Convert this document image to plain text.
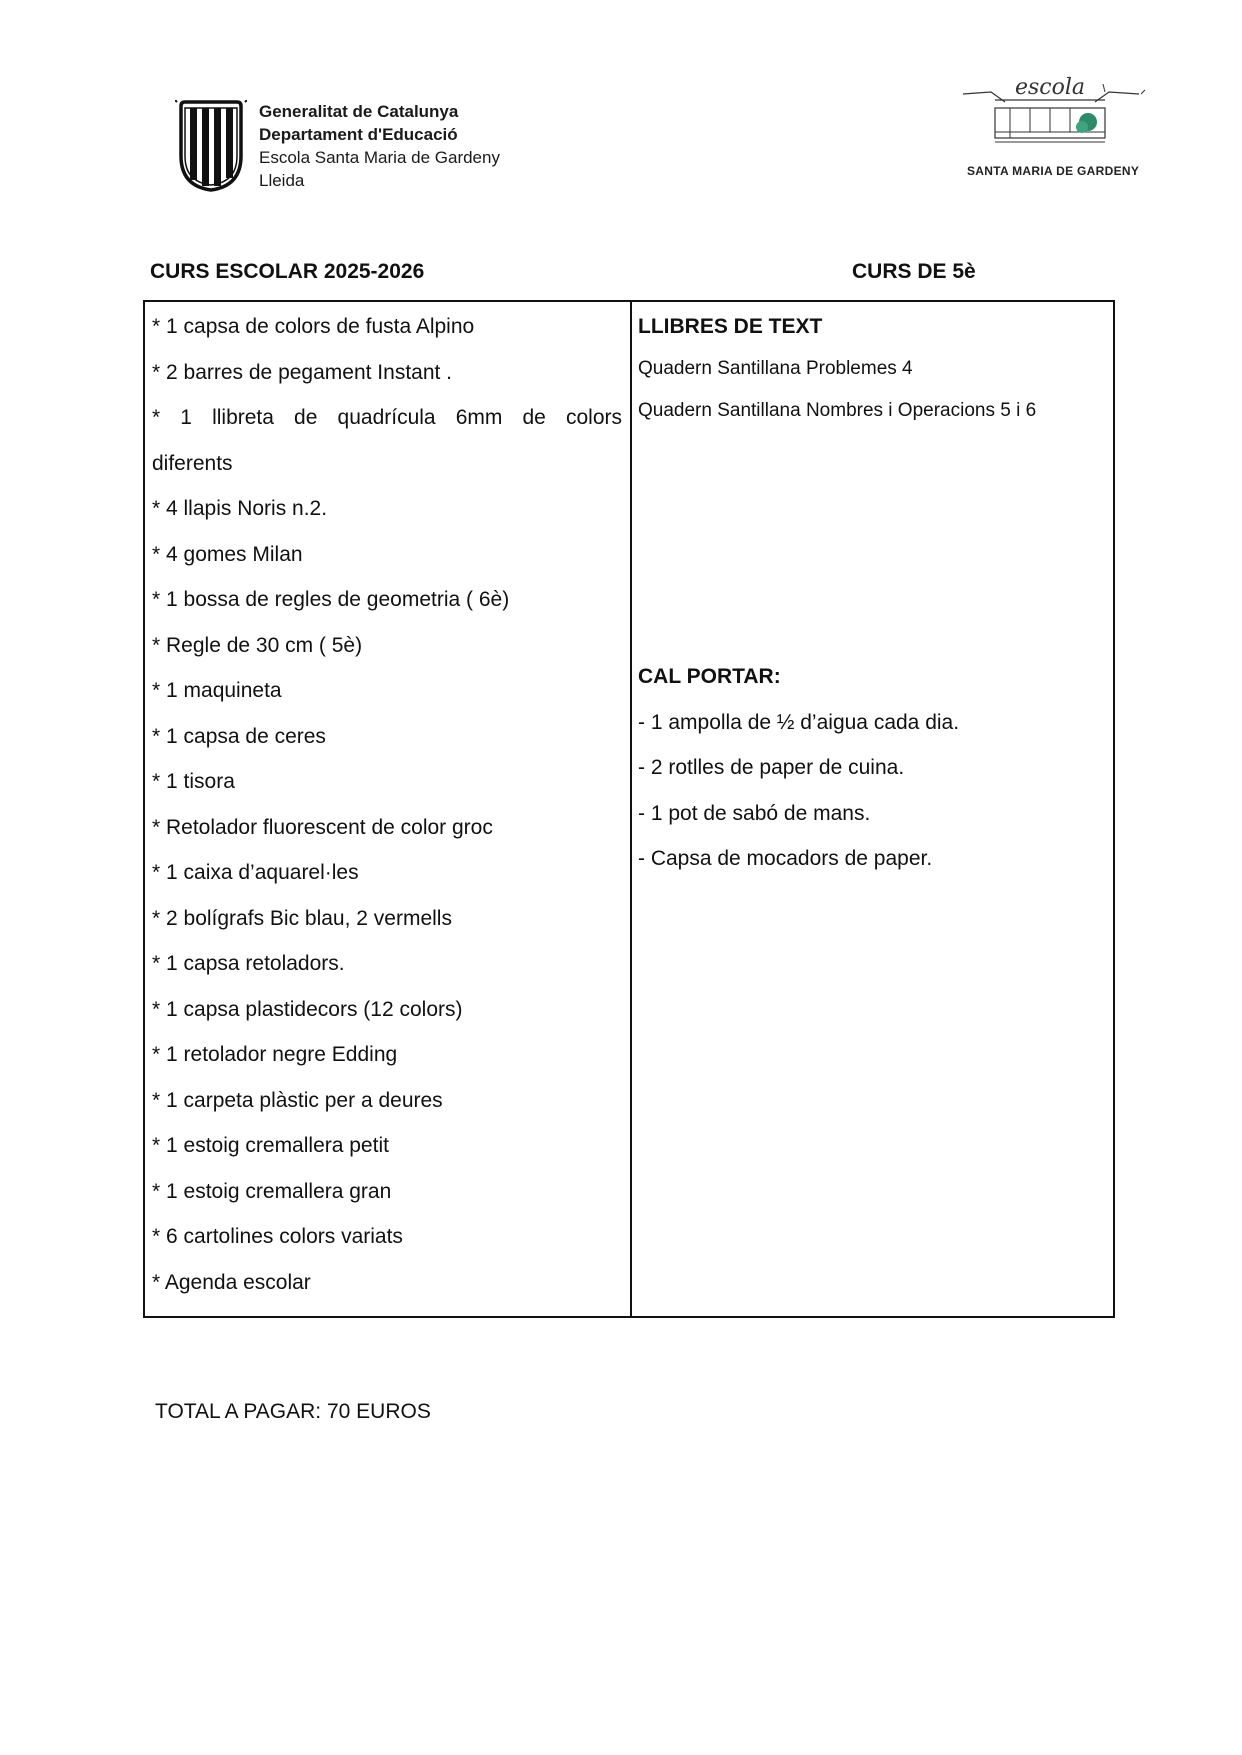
Generalitat de Catalunya
Departament d'Educació
Escola Santa Maria de Gardeny
Lleida
escola
SANTA MARIA DE GARDENY
CURS ESCOLAR 2025-2026	CURS DE 5è
* 1 capsa de colors de fusta Alpino
* 2 barres de pegament Instant .
* 1 llibreta de quadrícula 6mm de colors
diferents
* 4 llapis Noris n.2.
* 4 gomes Milan
* 1 bossa de regles de geometria ( 6è)
* Regle de 30 cm ( 5è)
* 1 maquineta
* 1 capsa de ceres
* 1 tisora
* Retolador fluorescent de color groc
* 1 caixa d’aquarel·les
* 2 bolígrafs Bic blau, 2 vermells
* 1 capsa retoladors.
* 1 capsa plastidecors (12 colors)
* 1 retolador negre Edding
* 1 carpeta plàstic per a deures
* 1 estoig cremallera petit
* 1 estoig cremallera gran
* 6 cartolines colors variats
* Agenda escolar
LLIBRES DE TEXT
Quadern Santillana Problemes 4
Quadern Santillana Nombres i Operacions 5 i 6
CAL PORTAR:
- 1 ampolla de ½ d’aigua cada dia.
- 2 rotlles de paper de cuina.
- 1 pot de sabó de mans.
- Capsa de mocadors de paper.
TOTAL A PAGAR: 70 EUROS
